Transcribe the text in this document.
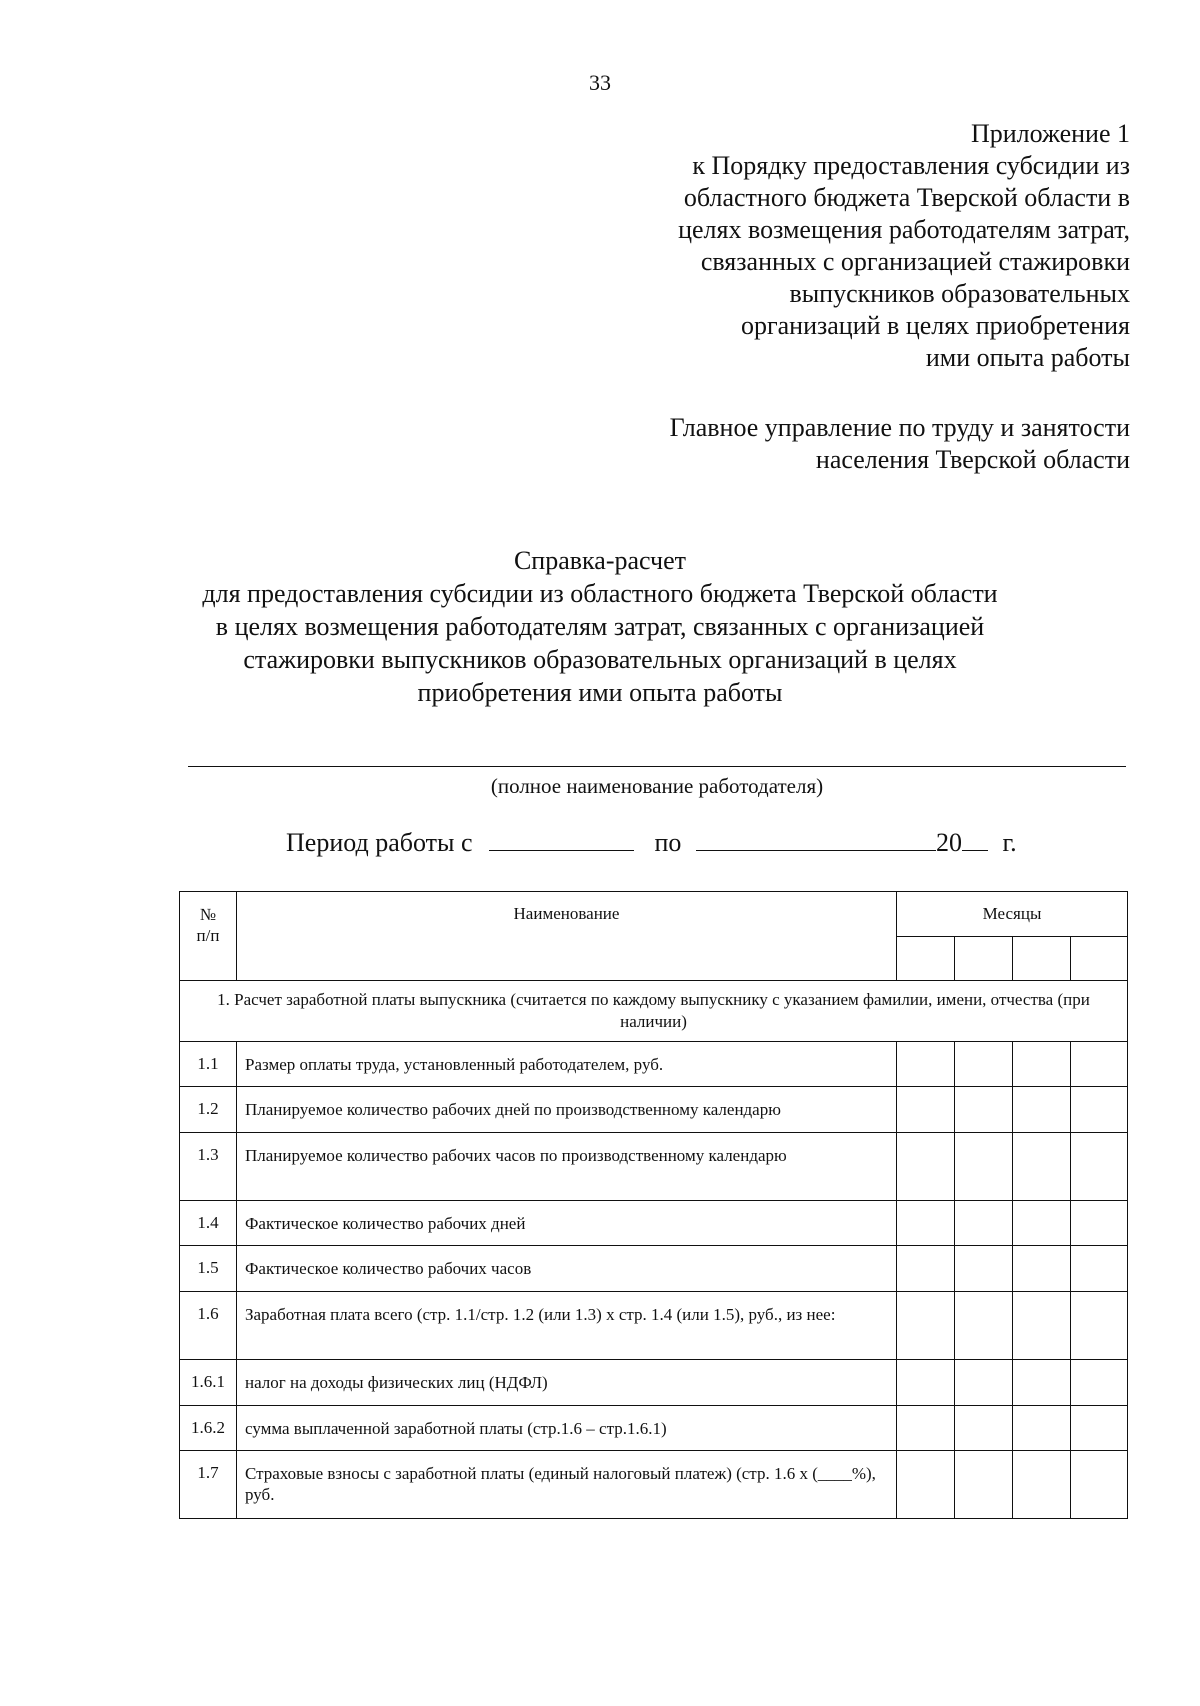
33
Приложение 1
к Порядку предоставления субсидии из
областного бюджета Тверской области в
целях возмещения работодателям затрат,
связанных с организацией стажировки
выпускников образовательных
организаций в целях приобретения
ими опыта работы
Главное управление по труду и занятости
населения Тверской области
Справка-расчет
для предоставления субсидии из областного бюджета Тверской области
в целях возмещения работодателям затрат, связанных с организацией
стажировки выпускников образовательных организаций в целях
приобретения ими опыта работы
(полное наименование работодателя)
Период работы с	по	20 г.
№
п/п	Наименование	Месяцы			

1. Расчет заработной платы выпускника (считается по каждому выпускнику с указанием фамилии, имени, отчества (при наличии)					
1.1	Размер оплаты труда, установленный работодателем, руб.				
1.2	Планируемое количество рабочих дней по производственному календарю				
1.3	Планируемое количество рабочих часов по производственному календарю				
1.4	Фактическое количество рабочих дней				
1.5	Фактическое количество рабочих часов				
1.6	Заработная плата всего (стр. 1.1/стр. 1.2 (или 1.3) х стр. 1.4 (или 1.5), руб., из нее:				
1.6.1	налог на доходы физических лиц (НДФЛ)				
1.6.2	сумма выплаченной заработной платы (стр.1.6 – стр.1.6.1)				
1.7	Страховые взносы с заработной платы (единый налоговый платеж) (стр. 1.6 х (____%), руб.				
